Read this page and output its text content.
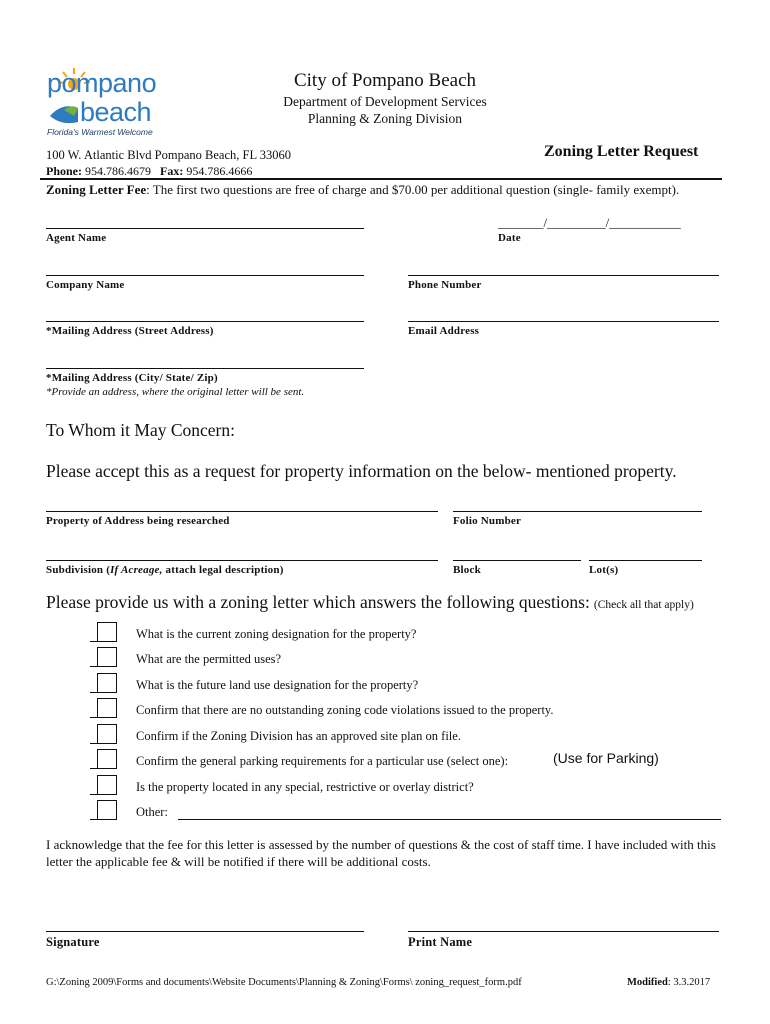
pompano
beach
Florida's Warmest Welcome
City of Pompano Beach
Department of Development Services
Planning & Zoning Division
100 W. Atlantic Blvd Pompano Beach, FL 33060
Phone: 954.786.4679 Fax: 954.786.4666
Zoning Letter Request
Zoning Letter Fee: The first two questions are free of charge and $70.00 per additional question (single- family exempt).
Agent Name
_______/_________/___________
Date
Company Name	Phone Number
*Mailing Address (Street Address)	Email Address
*Mailing Address (City/ State/ Zip)
*Provide an address, where the original letter will be sent.
To Whom it May Concern:
Please accept this as a request for property information on the below- mentioned property.
Property of Address being researched	Folio Number
Subdivision (If Acreage, attach legal description)	Block	Lot(s)
Please provide us with a zoning letter which answers the following questions: (Check all that apply)
What is the current zoning designation for the property?
What are the permitted uses?
What is the future land use designation for the property?
Confirm that there are no outstanding zoning code violations issued to the property.
Confirm if the Zoning Division has an approved site plan on file.
Confirm the general parking requirements for a particular use (select one):	(Use for Parking)
Is the property located in any special, restrictive or overlay district?
Other:
I acknowledge that the fee for this letter is assessed by the number of questions & the cost of staff time. I have included with this letter the applicable fee & will be notified if there will be additional costs.
Signature	Print Name
G:\Zoning 2009\Forms and documents\Website Documents\Planning & Zoning\Forms\ zoning_request_form.pdf	Modified: 3.3.2017
